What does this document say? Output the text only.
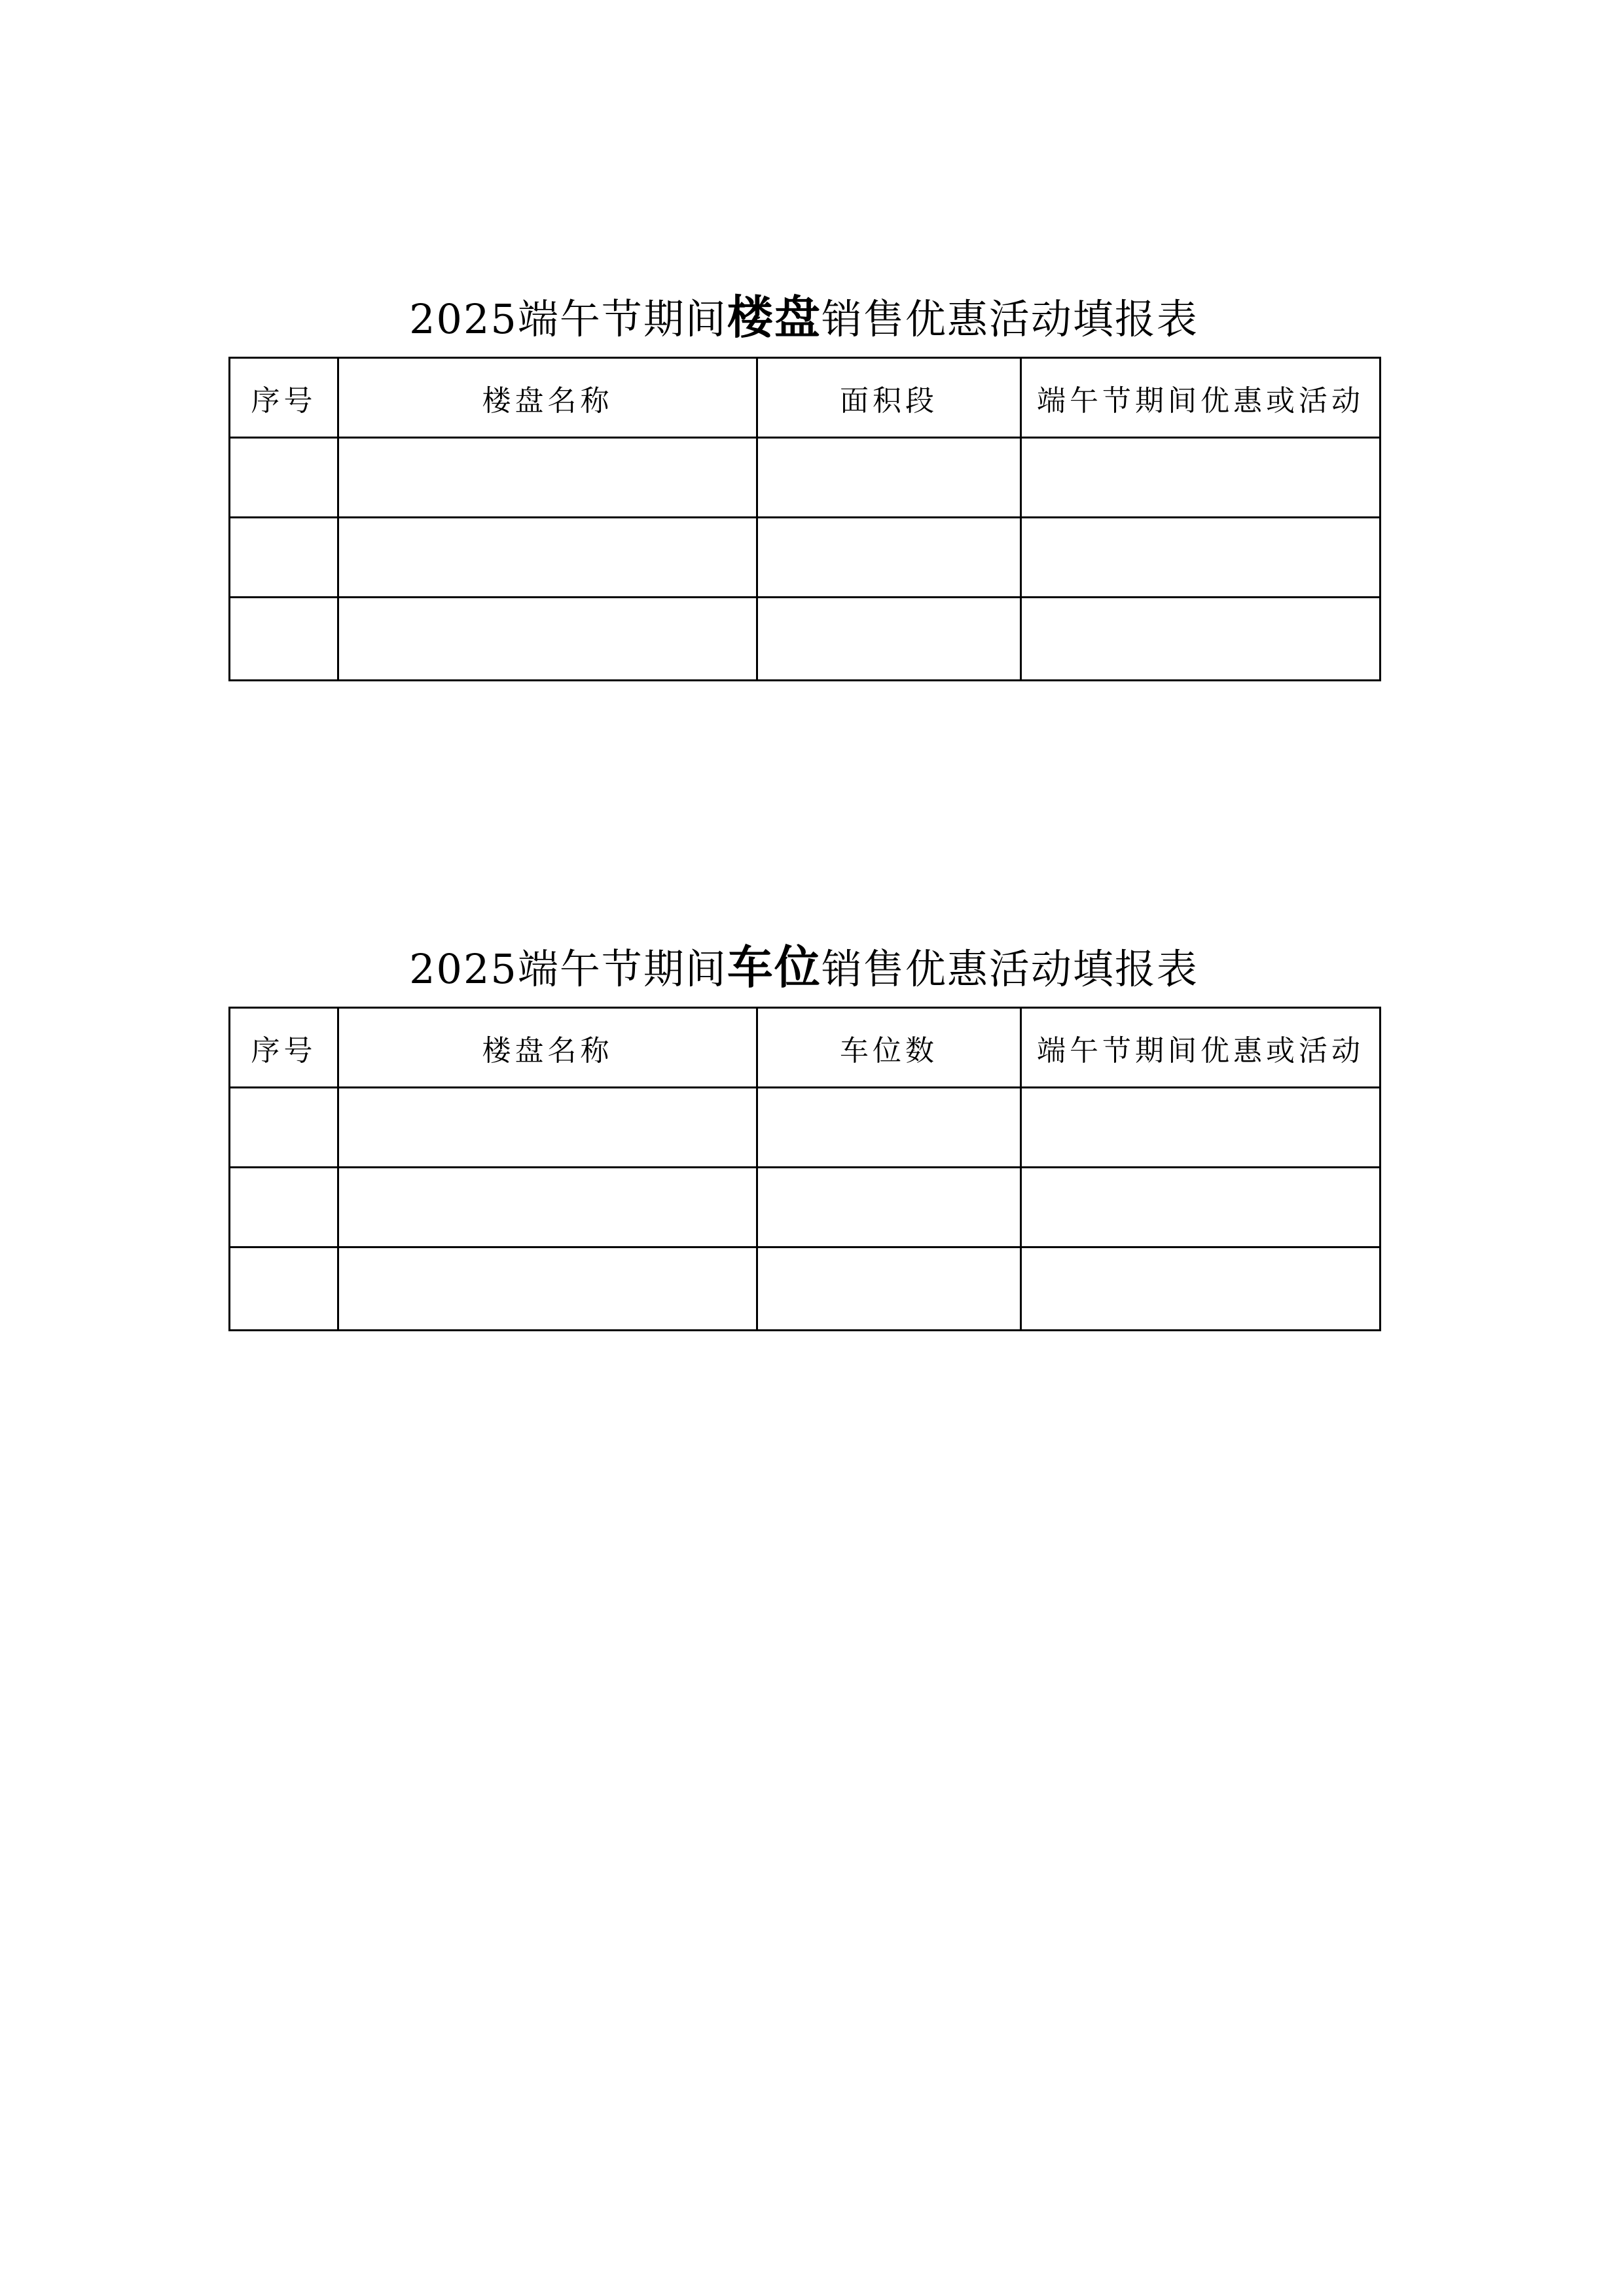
2025端午节期间楼盘销售优惠活动填报表
序号	楼盘名称	面积段	端午节期间优惠或活动

2025端午节期间车位销售优惠活动填报表
序号	楼盘名称	车位数	端午节期间优惠或活动
